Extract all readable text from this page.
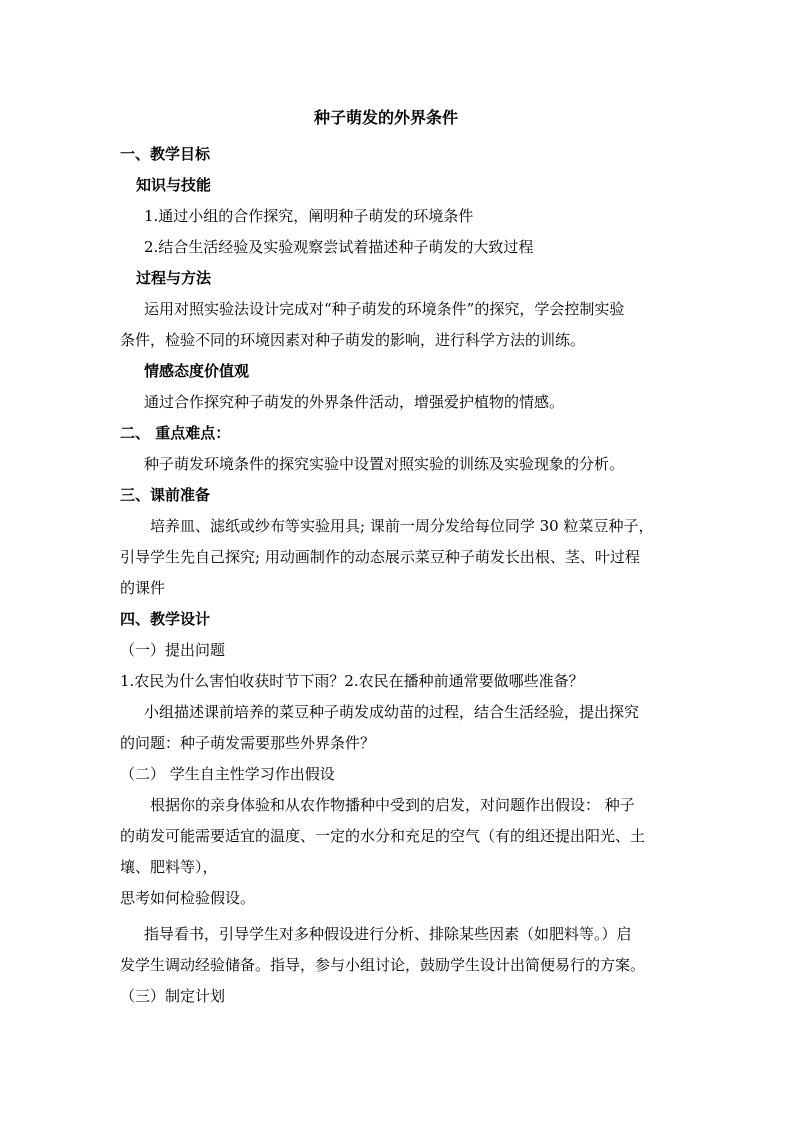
种子萌发的外界条件
一、教学目标
知识与技能
1.通过小组的合作探究，阐明种子萌发的环境条件
2.结合生活经验及实验观察尝试着描述种子萌发的大致过程
过程与方法
运用对照实验法设计完成对“种子萌发的环境条件”的探究，学会控制实验
条件，检验不同的环境因素对种子萌发的影响，进行科学方法的训练。
情感态度价值观
通过合作探究种子萌发的外界条件活动，增强爱护植物的情感。
二、 重点难点：
种子萌发环境条件的探究实验中设置对照实验的训练及实验现象的分析。
三、课前准备
培养皿、滤纸或纱布等实验用具; 课前一周分发给每位同学 30 粒菜豆种子，
引导学生先自己探究; 用动画制作的动态展示菜豆种子萌发长出根、茎、叶过程
的课件
四、教学设计
（一）提出问题
1.农民为什么害怕收获时节下雨？2.农民在播种前通常要做哪些准备？
小组描述课前培养的菜豆种子萌发成幼苗的过程，结合生活经验，提出探究
的问题：种子萌发需要那些外界条件？
（二） 学生自主性学习作出假设
根据你的亲身体验和从农作物播种中受到的启发，对问题作出假设： 种子
的萌发可能需要适宜的温度、一定的水分和充足的空气（有的组还提出阳光、土
壤、肥料等），
思考如何检验假设。
指导看书，引导学生对多种假设进行分析、排除某些因素（如肥料等。）启
发学生调动经验储备。指导，参与小组讨论，鼓励学生设计出简便易行的方案。
（三）制定计划
